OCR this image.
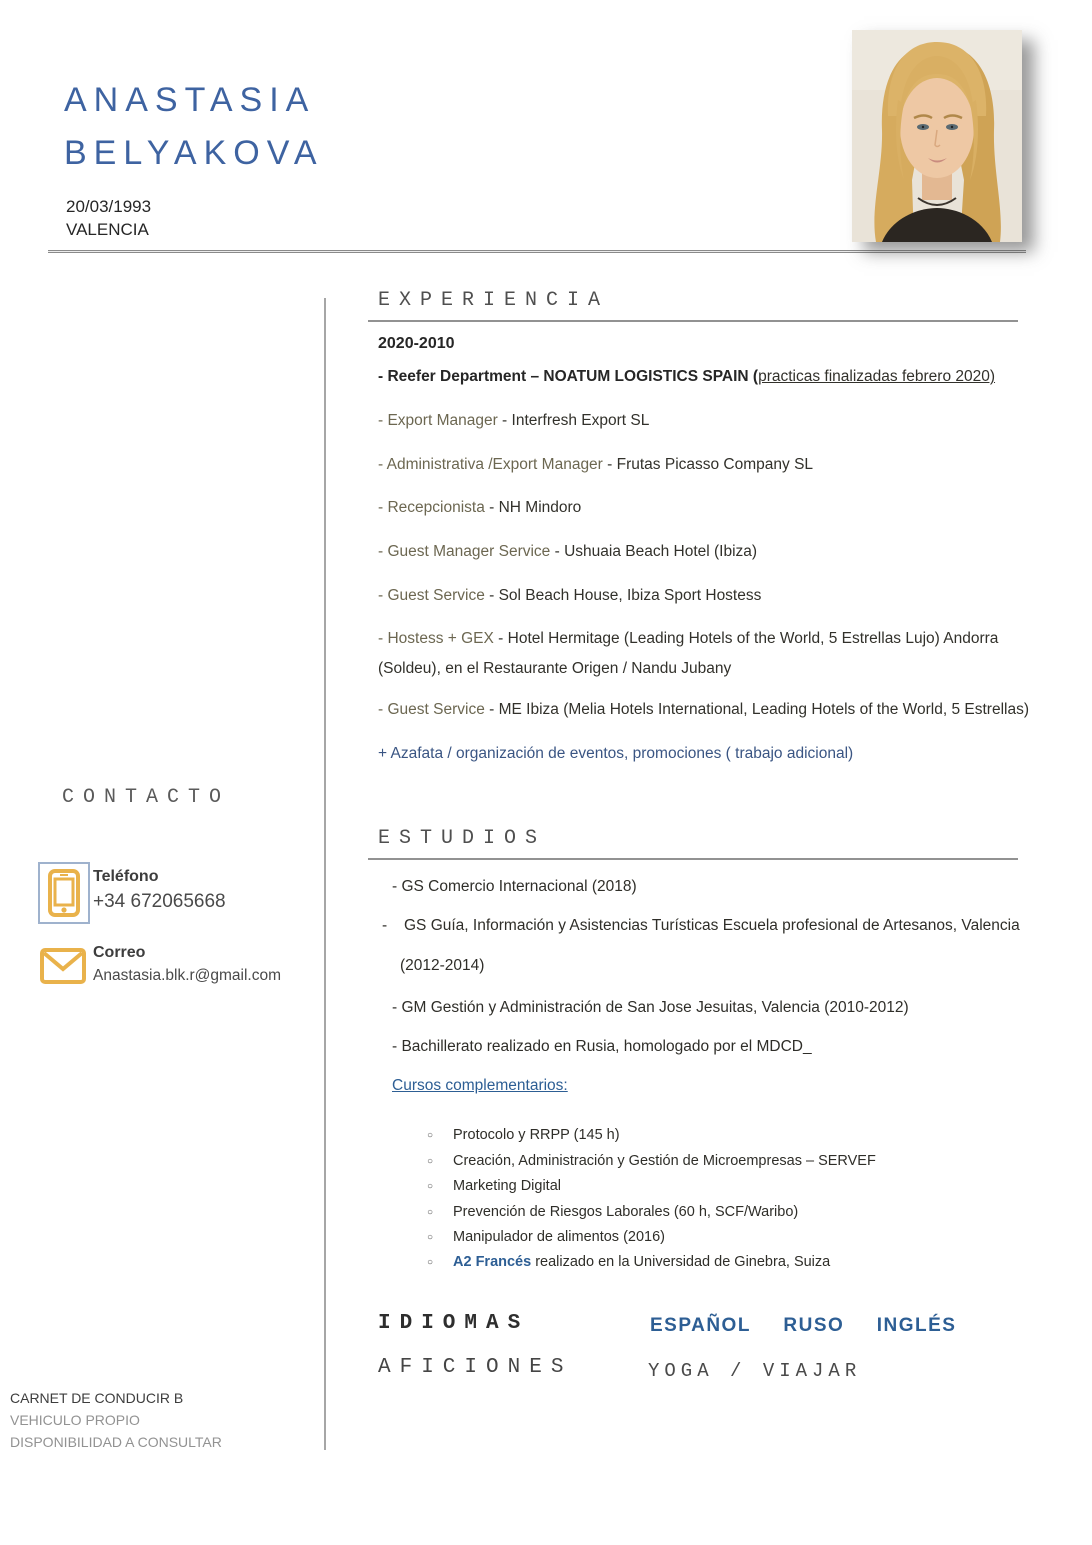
ANASTASIA
BELYAKOVA
20/03/1993
VALENCIA
EXPERIENCIA
2020-2010
- Reefer Department – NOATUM LOGISTICS SPAIN (practicas finalizadas febrero 2020)
- Export Manager - Interfresh Export SL
- Administrativa /Export Manager - Frutas Picasso Company SL
- Recepcionista - NH Mindoro
- Guest Manager Service - Ushuaia Beach Hotel (Ibiza)
- Guest Service - Sol Beach House, Ibiza Sport Hostess
- Hostess + GEX - Hotel Hermitage (Leading Hotels of the World, 5 Estrellas Lujo) Andorra
(Soldeu), en el Restaurante Origen / Nandu Jubany
- Guest Service - ME Ibiza (Melia Hotels International, Leading Hotels of the World, 5 Estrellas)
+ Azafata / organización de eventos, promociones ( trabajo adicional)
CONTACTO
Teléfono
+34 672065668
Correo
Anastasia.blk.r@gmail.com
ESTUDIOS
- GS Comercio Internacional (2018)
- GS Guía, Información y Asistencias Turísticas Escuela profesional de Artesanos, Valencia
(2012-2014)
- GM Gestión y Administración de San Jose Jesuitas, Valencia (2010-2012)
- Bachillerato realizado en Rusia, homologado por el MDCD_
Cursos complementarios:
○ Protocolo y RRPP (145 h)
○ Creación, Administración y Gestión de Microempresas – SERVEF
○ Marketing Digital
○ Prevención de Riesgos Laborales (60 h, SCF/Waribo)
○ Manipulador de alimentos (2016)
○ A2 Francés realizado en la Universidad de Ginebra, Suiza
IDIOMAS	ESPAÑOL RUSO INGLÉS
AFICIONES	YOGA / VIAJAR
CARNET DE CONDUCIR B
VEHICULO PROPIO
DISPONIBILIDAD A CONSULTAR
